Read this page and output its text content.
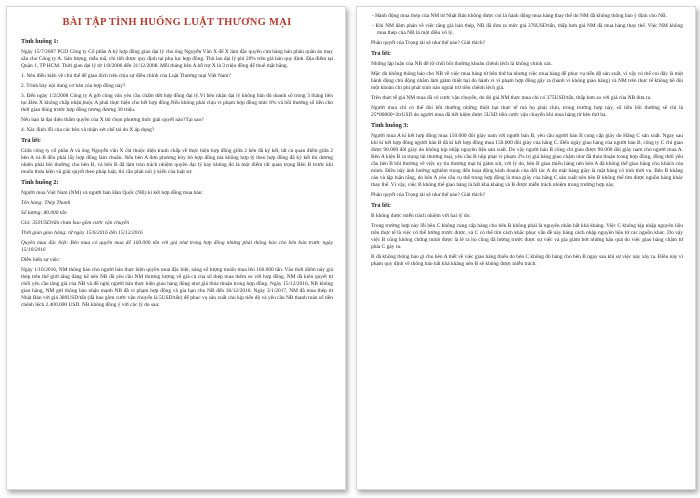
BÀI TẬP TÌNH HUỐNG LUẬT THƯƠNG MẠI
Tình huống 1:

Ngày 15/7/2007 PGD Công ty Cổ phần A ký hợp đồng giao đại lý cho ông Nguyễn Văn X để X làm đặc quyền cửa hàng bán phân quần áo may sẵn cho Công ty A. Sản lượng, mẫu mã, chi tiết được quy định tại phụ lục hợp đồng. Thù lao đại lý phí 20% trên giá bán quy định. Địa điểm tại Quận 1, TP HCM. Thời gian đại lý từ 1/8/2006 đến 31/12/2008. Mỗi tháng bên A hỗ trợ X là 3 triệu đồng để thuê mặt bằng.

1. Nêu điều kiện về chủ thể để giao dịch trên chịu sự điều chỉnh của Luật Thương mại Việt Nam?

2. Trình bày nội dung cơ bản của hợp đồng này?

3. Đến ngày 1/2/2008 Công ty A gởi công văn yêu cầu chấm dứt hợp đồng đại lý.Vì bên nhận đại lý không bán đủ doanh số trong 3 tháng liên tục.Bên X không chấp nhận,buộc A phải thực hiện cho hết hợp đồng.Nếu không phải chịu vi phạm hợp đồng mức 8% và bồi thường số tiền cho thời gian đúng trước hợp đồng tương đương 30 triệu.

Nếu bạn là đại diện thẩm quyền của X thì chọn phương thức giải quyết nào?Tại sao?

4. Xác định lỗi của các bên và nhận xét chế tài do X áp dụng?

Trả lời:

Giữa công ty cổ phần A và ông Nguyễn văn X chỉ thuộc diện tranh chấp về thực hiện hợp đồng giữa 2 bên đã ký kết, tất cả quan điểm giữa 2 bên A và B đều phải lấy hợp đồng làm chuẩn. Nếu bên A đơn phương hủy bỏ hợp đồng mà không hợp lý theo hợp đồng đã ký kết thì dương nhiên phải bồi thường cho bên B, và bên B đã làm tròn trách nhiệm quyền đại lý hay không đó là một điểm rất quan trọng Bên B trước khi muốn thưa kiện và giải quyết theo pháp luật, thì cần phải nói ý kiến của luật sư.

Tình huống 2:

Người mua Việt Nam (NM) và người bán Hàn Quốc (NB) kí kết hợp đồng mua bán:

Tên hàng: Thép Thanh

Số lượng: 80.000 tấn

Giá: 350USD/tấn chưa bao gồm cước vận chuyển

Thời gian giao hàng: từ ngày 15/6/2016 đến 15/12/2016

Quyền mua đặc biệt: Bên mua có quyền mua để 160.000 tấn với giá như trong hợp đồng nhưng phải thông báo cho bên bán trước ngày 15/10/2016

Diễn biến sự việc:

Ngày 1/10/2016, NM thông báo cho người bán thực hiện quyền mua đặc biệt, nâng số lượng muốn mua lên 160.000 tấn. Vào thời điểm này giá thép trên thế giới tăng đáng kể nên NB đã yêu cầu NM thương lượng về giá cả của số thép mua thêm so với hợp đồng. NM đã kiên quyết từ chối yêu cầu tăng giá của NB và đề nghị người bán thực hiện giao hàng đúng như giá thỏa thuận trong hợp đồng. Ngày 15/12/2016, NB không giao hàng, NM gửi thông báo nhận mạnh NB đã vi phạm hợp đồng và gia hạn cho NB đến 30/12/2016. Ngày 3/1/2017, NM đã mua thép từ Nhật Bản với giá 380USD/tấn (đã bao gồm cước vận chuyển là 5USD/tấn) để phục vụ sản xuất cho kịp tiến độ và yêu cầu NB thanh toán số tiền chênh lệch 2.400.000 USD. NB không đồng ý với các lý do sau:

- Hành động mua thép của NM từ Nhật Bản không được coi là hành động mua hàng thay thế do NM đã không thông báo ý định cho NB.

- Khi NM đàm phán về việc tăng giá bán thép, NB đã đưa ra mức giá 376USD/tấn, thấp hơn giá NM đã mua hàng thay thế. Việc NM không mua thép của NB là một điều vô lý.

Phân quyết của Trọng tài sẽ như thế nào? Giải thích?

Trả lời:

Những lập luận của NB để từ chối bồi thường khoản chênh lệch là không chính xác.

Mặc dù không thông báo cho NB về việc mua hàng từ bên thứ ba nhưng việc mua hàng để phục vụ tiến độ sản xuất, vì vậy có thể coi đây là một hành động chủ động nhằm làm giảm thiệt hại do hành vi vi phạm hợp đồng gây ra (hành vi không giao hàng) và NM trên thực tế không hề đòi một khoản chi phí phát sinh nào ngoài trừ tiền chênh lệch giá.

Trên thực tế giá NM mua đã có cước vận chuyển, do đó giá NM thực mua chỉ có 375USD/tấn, thấp hơn so với giá của NB đưa ra.

Người mua chỉ có thể đòi bồi thường những thiệt hại thực tế mà họ phải chịu, trong trường hợp này, số tiền bồi thường sẽ chỉ là 25*80000=2trUSD do người mua đã tiết kiệm được 5USD tiền cước vận chuyển khi mua hàng từ bên thứ ba.

Tình huống 3:

Người mua A kí kết hợp đồng mua 150.000 đôi giày nam với người bán B, yêu cầu người bán B cung cấp giày do Hãng C sản xuất. Ngay sau khi kí kết hợp đồng người bán B đã kí kết hợp đồng mua 150.000 đôi giày của hãng C. Đến ngày giao hàng của người bán B, công ty C chỉ giao được 90.000 đôi giày do không kịp nhập nguyên liệu sản xuất. Do vậy người bán B cũng chỉ giao được 90.000 đôi giày nam cho người mua A. Bên A kiện B ra trọng tài thương mại, yêu cầu B nộp phạt vi phạm 2% trị giá hàng giao chậm như đã thỏa thuận trong hợp đồng, đồng thời yêu cầu bên B bồi thường về việc uy tín thương mại bị giảm sút, với lý do, bên B giao thiếu hàng nên bên A đã không thể giao hàng cho khách của mình. Điều này ảnh hưởng nghiêm trọng đến hoạt động kinh doanh của đối tác A do mặt hàng giày là mặt hàng có tính thời vụ. Bên B khẳng cáo và lập luận rằng, do bên A yêu cầu cụ thể trong hợp đồng là mua giày của hãng C sản xuất nên bên B không thể tìm được nguồn hàng khác thay thế. Vì vậy, việc B không thể giao hàng là bất khả kháng và B được miễn trách nhiệm trong trường hợp này.

Phân quyết của Trọng tài sẽ như thế nào? Giải thích?

Trả lời:

B không được miễn trách nhiệm với hai lý do:

Trong trường hợp này lỗi bên C không cung cấp hàng cho bên B không phải là nguyên nhân bất khả kháng. Việc C không kịp nhập nguyên liệu trên thực tế là việc có thể lường trước được, và C có thể tìm cách khắc phục vấn đề này bằng cách nhập nguyên liệu từ các nguồn khác. Do vậy việc B cũng không chứng minh được là lẽ ra họ cũng đã lường trước được sự việc và gia giảm bớt những hậu quả do việc giao hàng chậm từ phía C gây ra.

B đã không thông báo gì cho bên A biết về việc giao hàng thiếu do bên C không đủ hàng cho bên B ngay sau khi sự việc này xảy ra. Điều này vi phạm quy định về thông báo bất khả kháng nên B sẽ không được miễn trách.
